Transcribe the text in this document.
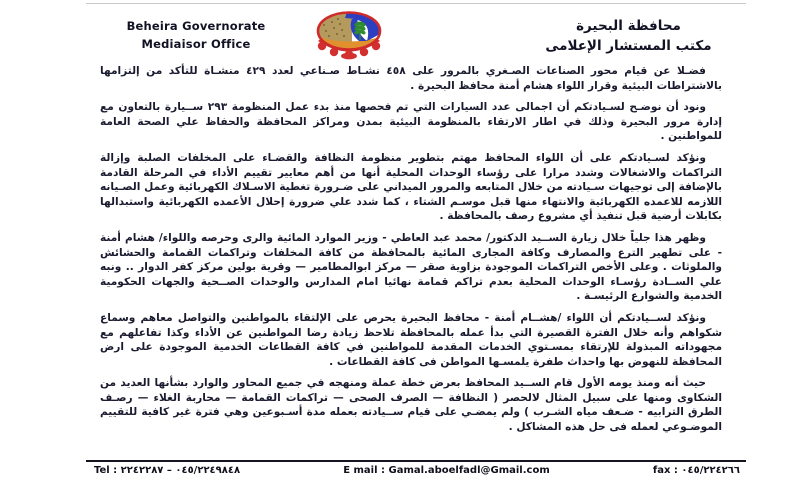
Beheira Governorate
Mediaisor Office
محافظة البحيرة
مكتب المستشار الإعلامى

فضـلا عن قيام محور الصناعات الصـغري بالمرور على ٤٥٨ نشـاط صـناعي لعدد ٤٢٩ منشـاة للتأكد من إلتزامها بالاشتراطات البيئية وقرار اللواء هشام أمنة محافظ البحيرة .

ونود أن نوضـح لسـيادتكم أن اجمالى عدد السيارات التي تم فحصها منذ بدء عمل المنظومة ٢٩٣ ســيارة بالتعاون مع إدارة مرور البحيرة وذلك في اطار الارتقاء بالمنظومة البيئية بمدن ومراكز المحافظة والحفاظ علي الصحة العامة للمواطنين .

ونؤكد لسـيادتكم على أن اللواء المحافظ مهتم بتطوير منظومة النظافة والقضـاء على المخلفات الصلبة وإزالة التراكمات والاشغالات وشدد مرارا على رؤساء الوحدات المحلية أنها من أهم معايير تقييم الأداء في المرحلة القادمة بالإضافة إلى توجيهات سـيادته من خلال المتابعه والمرور الميداني على ضـرورة تغطية الاسـلاك الكهربائية وعمل الصـيانه اللازمه للاعمده الكهربائية والانتهاء منها قبل موسـم الشتاء ، كما شدد علي ضرورة إحلال الأعمده الكهربائية واستبدالها بكابلات أرضية قبل تنفيذ أي مشروع رصف بالمحافظة .

وظهر هذا جلياً خلال زيارة الســيد الدكتور/ محمد عبد العاطي - وزير الموارد المائية والرى وحرصه واللواء/ هشام أمنة - على تطهير الترع والمصارف وكافة المجارى المائية بالمحافظة من كافة المخلفات وتراكمات القمامة والحشائش والملوثات . وعلى الأخص التراكمات الموجودة بزاوية صقر — مركز ابوالمطامير — وقرية بولين مركز كفر الدوار .. ونبه علي الســادة رؤسـاء الوحدات المحلية بعدم تراكم قمامة نهائيا امام المدارس والوحدات الصــحية والجهات الحكومية الخدمية والشوارع الرئيسـة .

ونؤكد لســيادتكم أن اللواء /هشــام أمنة - محافظ البحيرة يحرص على الإلتقاء بالمواطنين والتواصل معاهم وسماع شكواهم وأنه خلال الفترة القصيرة التي بدأ عمله بالمحافظة تلاحظ زيادة رضا المواطنين عن الأداء وكذا تفاعلهم مع مجهوداته المبذولة للإرتقاء بمسـتوي الخدمات المقدمة للمواطنين في كافة القطاعات الخدمية الموجودة على ارض المحافظة للنهوض بها واحداث طفرة يلمسـها المواطن فى كافة القطاعات .

حيث أنه ومنذ يومه الأول قام الســيد المحافظ بعرض خطة عملة ومنهجه في جميع المحاور والوارد بشأنها العديد من الشكاوى ومنها على سبيل المثال لالحصر ( النظافة — الصرف الصحى — تراكمات القمامة — محاربة الغلاء — رصـف الطرق الترابيه - ضـعف مياه الشـرب ) ولم يمضـي على قيام ســيادته بعمله مدة أسـبوعين وهي فترة غير كافية للتقييم الموضـوعي لعمله فى حل هذه المشاكل .

Tel : ٠٤٥/٢٢٤٩٨٤٨ – ٢٢٤٢٢٨٧	E mail : Gamal.aboelfadl@Gmail.com	fax : ٠٤٥/٢٢٤٢٦٦
